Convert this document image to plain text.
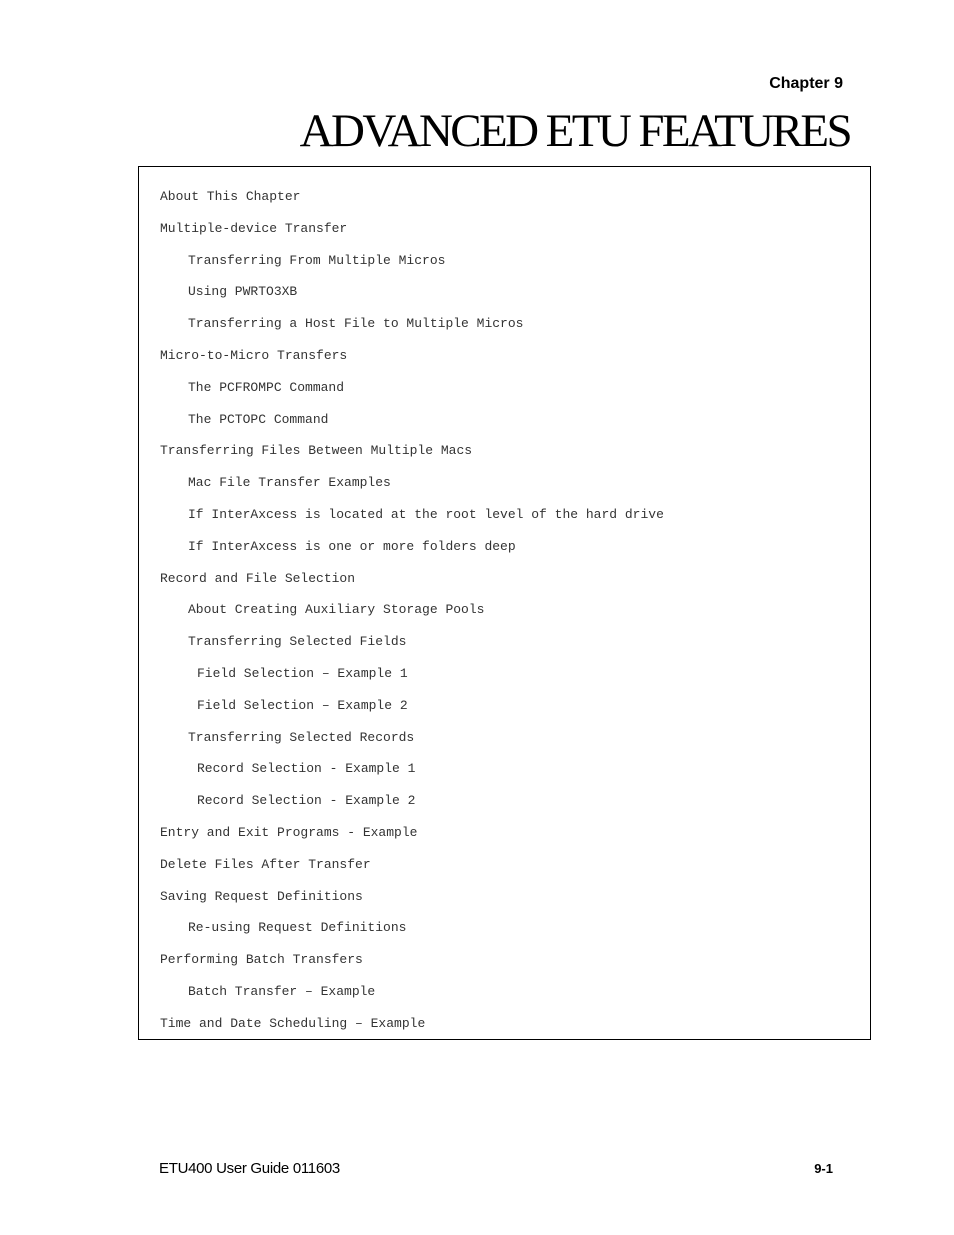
Chapter 9

ADVANCED ETU FEATURES
About This Chapter
Multiple-device Transfer
Transferring From Multiple Micros
Using PWRTO3XB
Transferring a Host File to Multiple Micros
Micro-to-Micro Transfers
The PCFROMPC Command
The PCTOPC Command
Transferring Files Between Multiple Macs
Mac File Transfer Examples
If InterAxcess is located at the root level of the hard drive
If InterAxcess is one or more folders deep
Record and File Selection
About Creating Auxiliary Storage Pools
Transferring Selected Fields
Field Selection – Example 1
Field Selection – Example 2
Transferring Selected Records
Record Selection - Example 1
Record Selection - Example 2
Entry and Exit Programs - Example
Delete Files After Transfer
Saving Request Definitions
Re-using Request Definitions
Performing Batch Transfers
Batch Transfer – Example
Time and Date Scheduling – Example

ETU400 User Guide 011603	9-1
